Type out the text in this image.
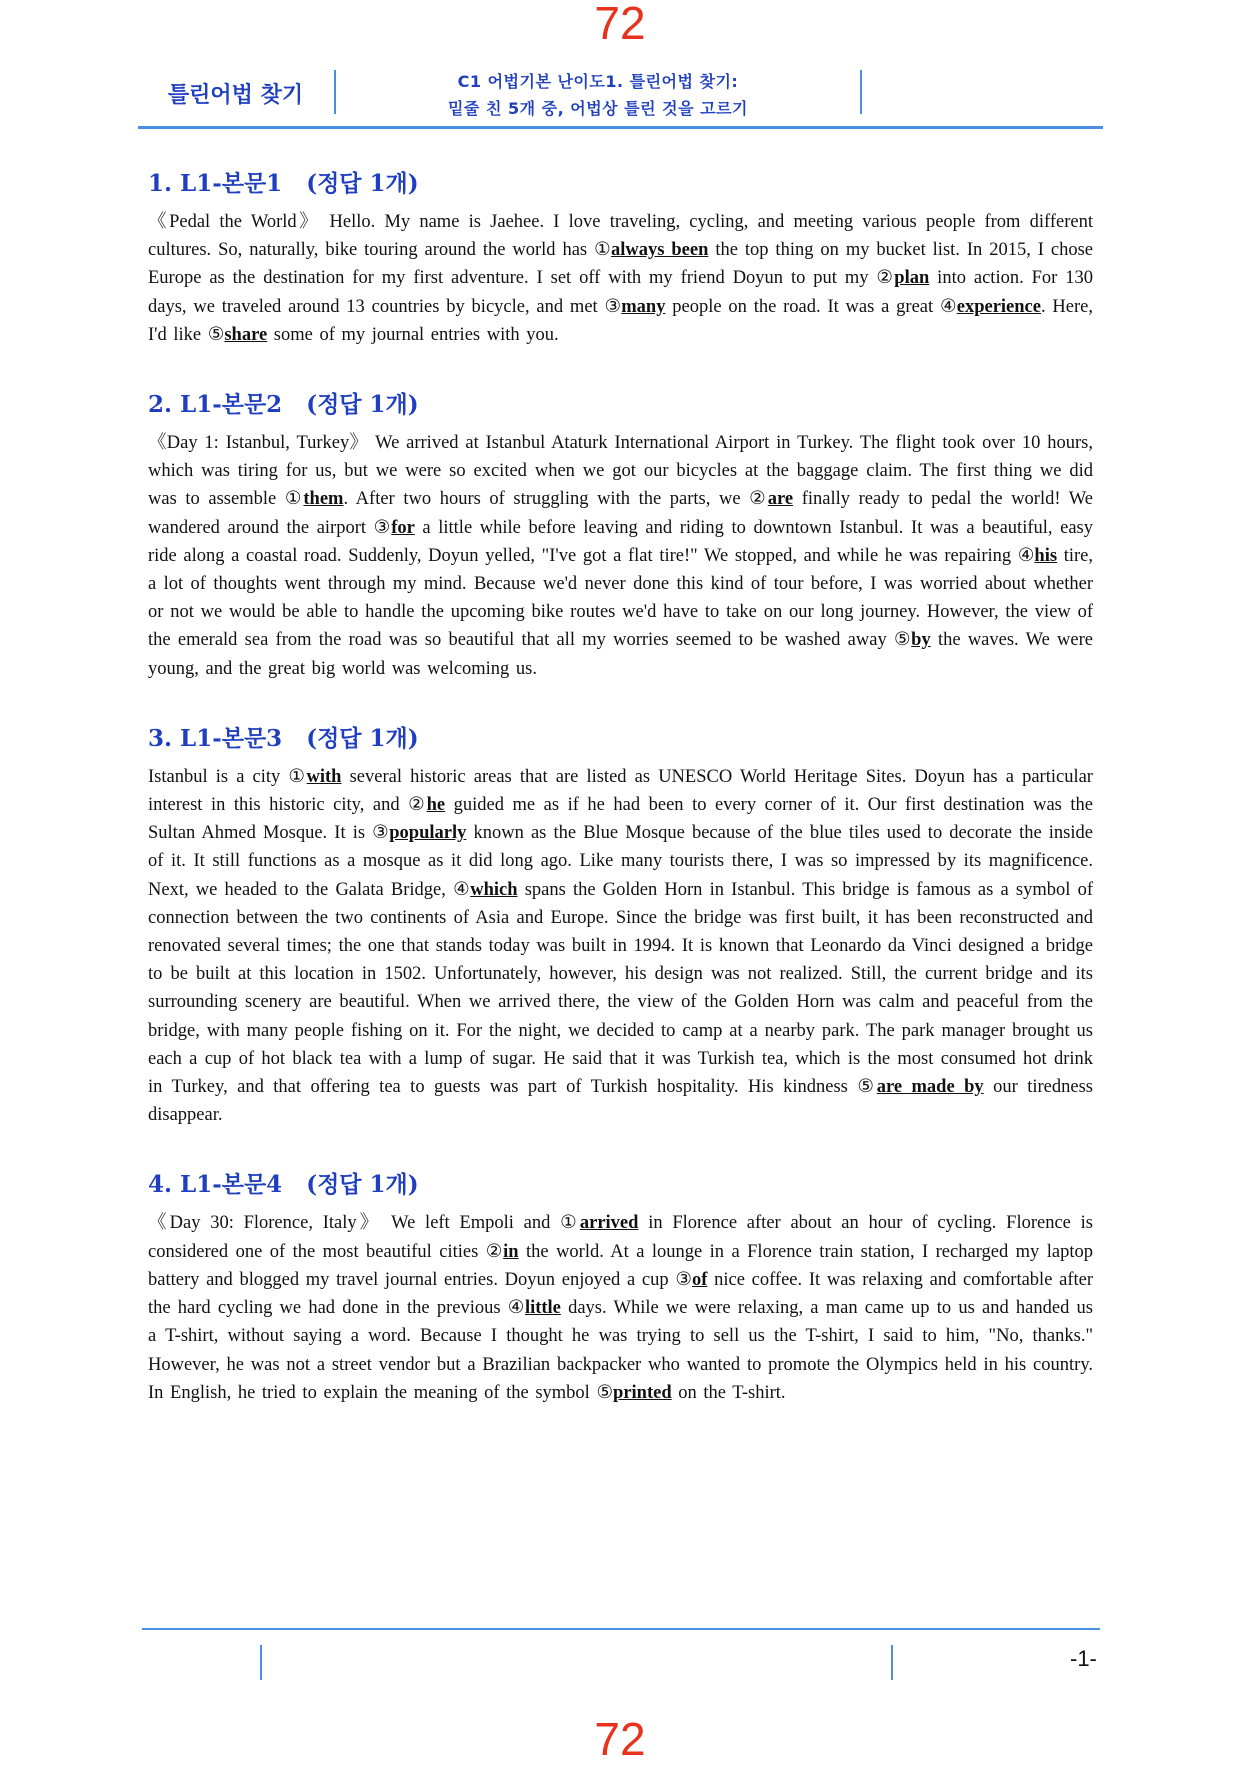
72
틀린어법 찾기
C1 어법기본 난이도1. 틀린어법 찾기:
밑줄 친 5개 중, 어법상 틀린 것을 고르기
1. L1-본문1   (정답 1개)

《Pedal the World》 Hello. My name is Jaehee. I love traveling, cycling, and meeting various people from different cultures. So, naturally, bike touring around the world has ①always been the top thing on my bucket list. In 2015, I chose Europe as the destination for my first adventure. I set off with my friend Doyun to put my ②plan into action. For 130 days, we traveled around 13 countries by bicycle, and met ③many people on the road. It was a great ④experience. Here, I'd like ⑤share some of my journal entries with you.

2. L1-본문2   (정답 1개)

《Day 1: Istanbul, Turkey》 We arrived at Istanbul Ataturk International Airport in Turkey. The flight took over 10 hours, which was tiring for us, but we were so excited when we got our bicycles at the baggage claim. The first thing we did was to assemble ①them. After two hours of struggling with the parts, we ②are finally ready to pedal the world! We wandered around the airport ③for a little while before leaving and riding to downtown Istanbul. It was a beautiful, easy ride along a coastal road. Suddenly, Doyun yelled, "I've got a flat tire!" We stopped, and while he was repairing ④his tire, a lot of thoughts went through my mind. Because we'd never done this kind of tour before, I was worried about whether or not we would be able to handle the upcoming bike routes we'd have to take on our long journey. However, the view of the emerald sea from the road was so beautiful that all my worries seemed to be washed away ⑤by the waves. We were young, and the great big world was welcoming us.

3. L1-본문3   (정답 1개)

Istanbul is a city ①with several historic areas that are listed as UNESCO World Heritage Sites. Doyun has a particular interest in this historic city, and ②he guided me as if he had been to every corner of it. Our first destination was the Sultan Ahmed Mosque. It is ③popularly known as the Blue Mosque because of the blue tiles used to decorate the inside of it. It still functions as a mosque as it did long ago. Like many tourists there, I was so impressed by its magnificence. Next, we headed to the Galata Bridge, ④which spans the Golden Horn in Istanbul. This bridge is famous as a symbol of connection between the two continents of Asia and Europe. Since the bridge was first built, it has been reconstructed and renovated several times; the one that stands today was built in 1994. It is known that Leonardo da Vinci designed a bridge to be built at this location in 1502. Unfortunately, however, his design was not realized. Still, the current bridge and its surrounding scenery are beautiful. When we arrived there, the view of the Golden Horn was calm and peaceful from the bridge, with many people fishing on it. For the night, we decided to camp at a nearby park. The park manager brought us each a cup of hot black tea with a lump of sugar. He said that it was Turkish tea, which is the most consumed hot drink in Turkey, and that offering tea to guests was part of Turkish hospitality. His kindness ⑤are made by our tiredness disappear.

4. L1-본문4   (정답 1개)

《Day 30: Florence, Italy》 We left Empoli and ①arrived in Florence after about an hour of cycling. Florence is considered one of the most beautiful cities ②in the world. At a lounge in a Florence train station, I recharged my laptop battery and blogged my travel journal entries. Doyun enjoyed a cup ③of nice coffee. It was relaxing and comfortable after the hard cycling we had done in the previous ④little days. While we were relaxing, a man came up to us and handed us a T-shirt, without saying a word. Because I thought he was trying to sell us the T-shirt, I said to him, "No, thanks." However, he was not a street vendor but a Brazilian backpacker who wanted to promote the Olympics held in his country. In English, he tried to explain the meaning of the symbol ⑤printed on the T-shirt.

-1-
72
